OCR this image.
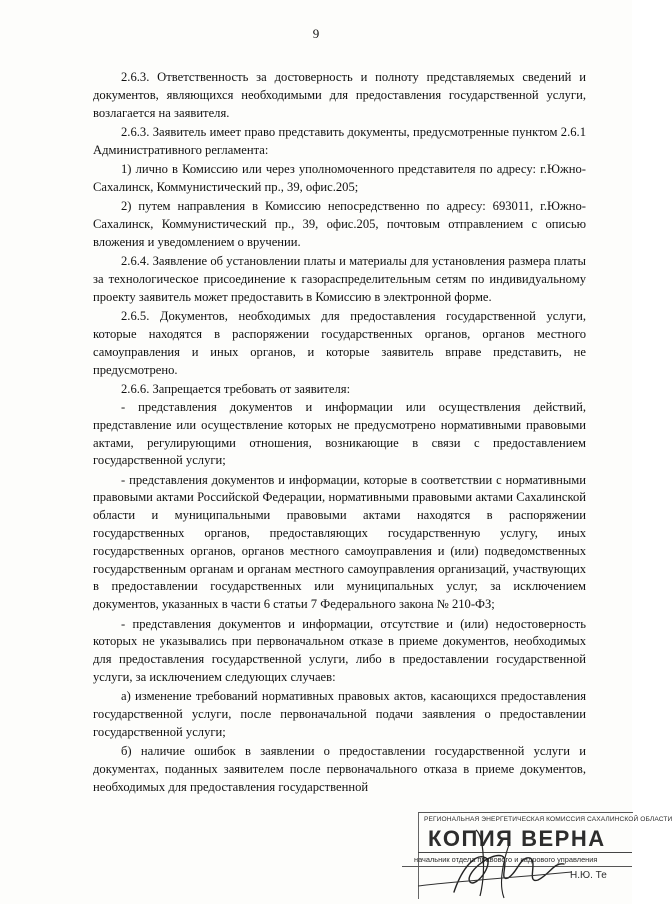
9

2.6.3. Ответственность за достоверность и полноту представляемых сведений и документов, являющихся необходимыми для предоставления государственной услуги, возлагается на заявителя.

2.6.3. Заявитель имеет право представить документы, предусмотренные пунктом 2.6.1 Административного регламента:

1) лично в Комиссию или через уполномоченного представителя по адресу: г.Южно-Сахалинск, Коммунистический пр., 39, офис.205;

2) путем направления в Комиссию непосредственно по адресу: 693011, г.Южно-Сахалинск, Коммунистический пр., 39, офис.205, почтовым отправлением с описью вложения и уведомлением о вручении.

2.6.4. Заявление об установлении платы и материалы для установления размера платы за технологическое присоединение к газораспределительным сетям по индивидуальному проекту заявитель может предоставить в Комиссию в электронной форме.

2.6.5. Документов, необходимых для предоставления государственной услуги, которые находятся в распоряжении государственных органов, органов местного самоуправления и иных органов, и которые заявитель вправе представить, не предусмотрено.

2.6.6. Запрещается требовать от заявителя:

- представления документов и информации или осуществления действий, представление или осуществление которых не предусмотрено нормативными правовыми актами, регулирующими отношения, возникающие в связи с предоставлением государственной услуги;

- представления документов и информации, которые в соответствии с нормативными правовыми актами Российской Федерации, нормативными правовыми актами Сахалинской области и муниципальными правовыми актами находятся в распоряжении государственных органов, предоставляющих государственную услугу, иных государственных органов, органов местного самоуправления и (или) подведомственных государственным органам и органам местного самоуправления организаций, участвующих в предоставлении государственных или муниципальных услуг, за исключением документов, указанных в части 6 статьи 7 Федерального закона № 210-ФЗ;

- представления документов и информации, отсутствие и (или) недостоверность которых не указывались при первоначальном отказе в приеме документов, необходимых для предоставления государственной услуги, либо в предоставлении государственной услуги, за исключением следующих случаев:

а) изменение требований нормативных правовых актов, касающихся предоставления государственной услуги, после первоначальной подачи заявления о предоставлении государственной услуги;

б) наличие ошибок в заявлении о предоставлении государственной услуги и документах, поданных заявителем после первоначального отказа в приеме документов, необходимых для предоставления государственной

РЕГИОНАЛЬНАЯ ЭНЕРГЕТИЧЕСКАЯ КОМИССИЯ САХАЛИНСКОЙ ОБЛАСТИ
КОПИЯ ВЕРНА
начальник отдела правового и кадрового управления
Н.Ю. Те
